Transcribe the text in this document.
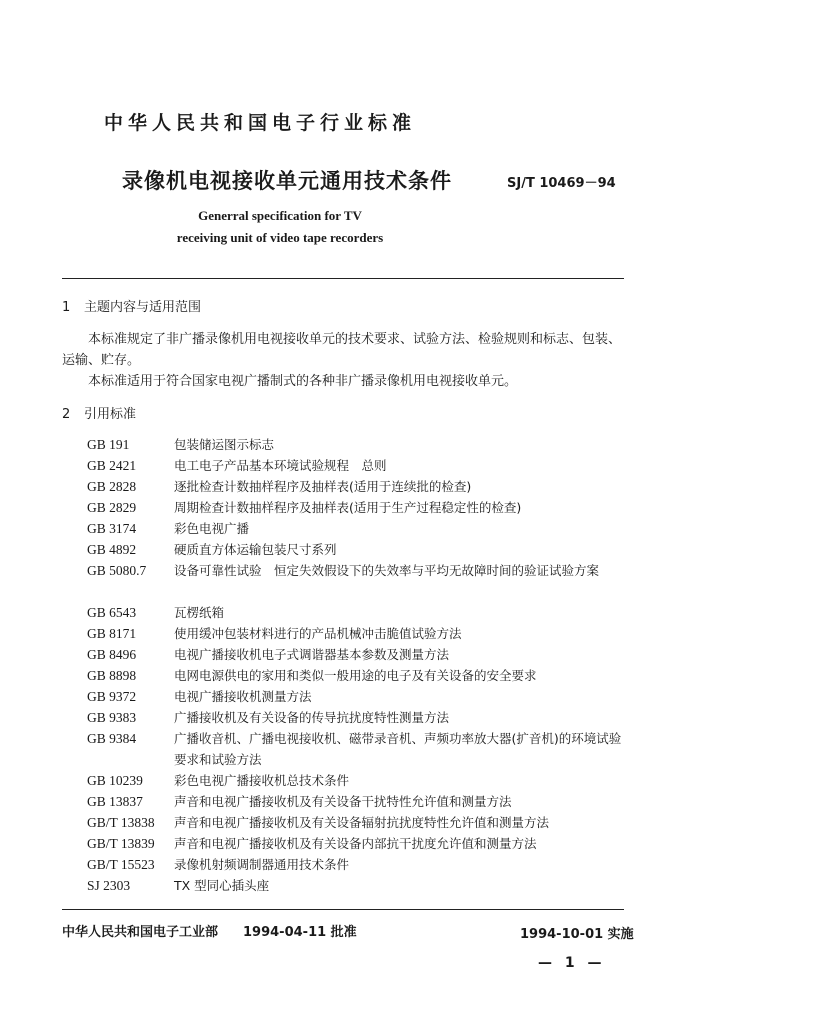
中华人民共和国电子行业标准
录像机电视接收单元通用技术条件	SJ/T 10469－94
Generral specification for TV
receiving unit of video tape recorders
1 主题内容与适用范围
本标准规定了非广播录像机用电视接收单元的技术要求、试验方法、检验规则和标志、包装、运输、贮存。
本标准适用于符合国家电视广播制式的各种非广播录像机用电视接收单元。
2 引用标准
GB 191	包装储运图示标志
GB 2421	电工电子产品基本环境试验规程　总则
GB 2828	逐批检查计数抽样程序及抽样表(适用于连续批的检查)
GB 2829	周期检查计数抽样程序及抽样表(适用于生产过程稳定性的检查)
GB 3174	彩色电视广播
GB 4892	硬质直方体运输包装尺寸系列
GB 5080.7	设备可靠性试验　恒定失效假设下的失效率与平均无故障时间的验证试验方案
GB 6543	瓦楞纸箱
GB 8171	使用缓冲包装材料进行的产品机械冲击脆值试验方法
GB 8496	电视广播接收机电子式调谐器基本参数及测量方法
GB 8898	电网电源供电的家用和类似一般用途的电子及有关设备的安全要求
GB 9372	电视广播接收机测量方法
GB 9383	广播接收机及有关设备的传导抗扰度特性测量方法
GB 9384	广播收音机、广播电视接收机、磁带录音机、声频功率放大器(扩音机)的环境试验要求和试验方法
GB 10239	彩色电视广播接收机总技术条件
GB 13837	声音和电视广播接收机及有关设备干扰特性允许值和测量方法
GB/T 13838	声音和电视广播接收机及有关设备辐射抗扰度特性允许值和测量方法
GB/T 13839	声音和电视广播接收机及有关设备内部抗干扰度允许值和测量方法
GB/T 15523	录像机射频调制器通用技术条件
SJ 2303	TX 型同心插头座
中华人民共和国电子工业部 1994-04-11 批准	1994-10-01 实施
— 1 —
